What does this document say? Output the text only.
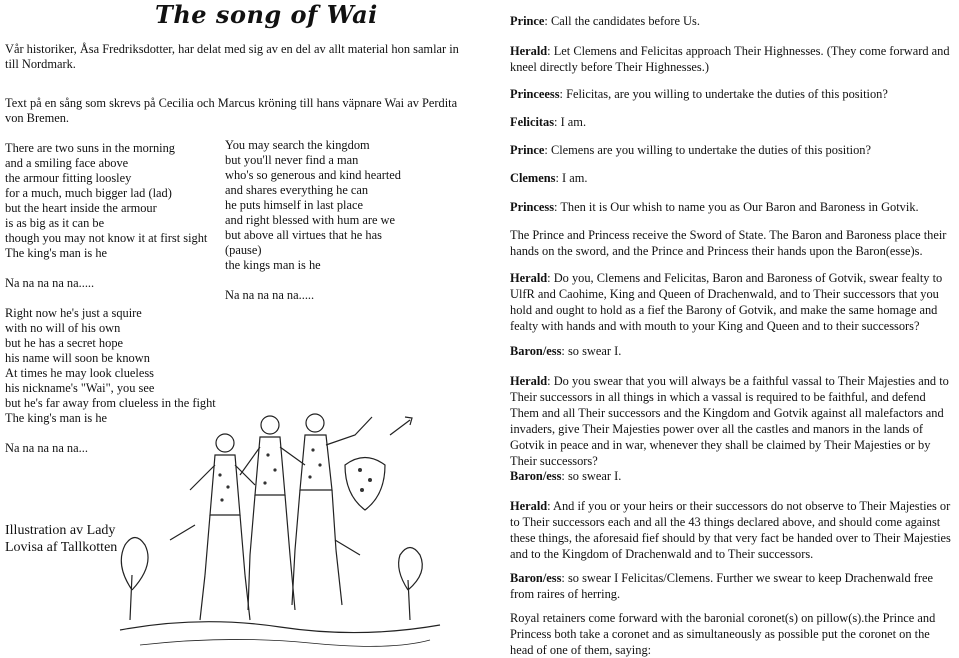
The song of Wai
Vår historiker, Åsa Fredriksdotter, har delat med sig av en del av allt material hon samlar in till Nordmark.
Text på en sång som skrevs på Cecilia och Marcus kröning till hans väpnare Wai av Perdita von Bremen.
There are two suns in the morning
and a smiling face above
the armour fitting loosley
for a much, much bigger lad (lad)
but the heart inside the armour
is as big as it can be
though you may not know it at first sight
The king's man is he

Na na na na na.....

Right now he's just a squire
with no will of his own
but he has a secret hope
his name will soon be known
At times he may look clueless
his nickname's "Wai", you see
but he's far away from clueless in the fight
The king's man is he

Na na na na na...
You may search the kingdom
but you'll never find a man
who's so generous and kind hearted
and shares everything he can
he puts himself in last place
and right blessed with hum are we
but above all virtues that he has
(pause)
the kings man is he

Na na na na na.....
Illustration av Lady Lovisa af Tallkotten
Prince: Call the candidates before Us.
Herald: Let Clemens and Felicitas approach Their Highnesses. (They come forward and kneel directly before Their Highnesses.)
Princeess: Felicitas, are you willing to undertake the duties of this position?
Felicitas: I am.
Prince: Clemens are you willing to undertake the duties of this position?
Clemens: I am.
Princess: Then it is Our whish to name you as Our Baron and Baroness in Gotvik.
The Prince and Princess receive the Sword of State. The Baron and Baroness place their hands on the sword, and the Prince and Princess their hands upon the Baron(esse)s.
Herald: Do you, Clemens and Felicitas, Baron and Baroness of Gotvik, swear fealty to UlfR and Caohime, King and Queen of Drachenwald, and to Their successors that you hold and ought to hold as a fief the Barony of Gotvik, and make the same homage and fealty with hands and with mouth to your King and Queen and to their successors?
Baron/ess: so swear I.
Herald: Do you swear that you will always be a faithful vassal to Their Majesties and to Their successors in all things in which a vassal is required to be faithful, and defend Them and all Their successors and the Kingdom and Gotvik against all malefactors and invaders, give Their Majesties power over all the castles and manors in the lands of Gotvik in peace and in war, whenever they shall be claimed by Their Majesties or by Their successors?
Baron/ess: so swear I.
Herald: And if you or your heirs or their successors do not observe to Their Majesties or to Their successors each and all the 43 things declared above, and should come against these things, the aforesaid fief should by that very fact be handed over to Their Majesties and to the Kingdom of Drachenwald and to Their successors.
Baron/ess: so swear I Felicitas/Clemens. Further we swear to keep Drachenwald free from raires of herring.
Royal retainers come forward with the baronial coronet(s) on pillow(s).the Prince and Princess both take a coronet and as simultaneously as possible put the coronet on the head of one of them, saying:
